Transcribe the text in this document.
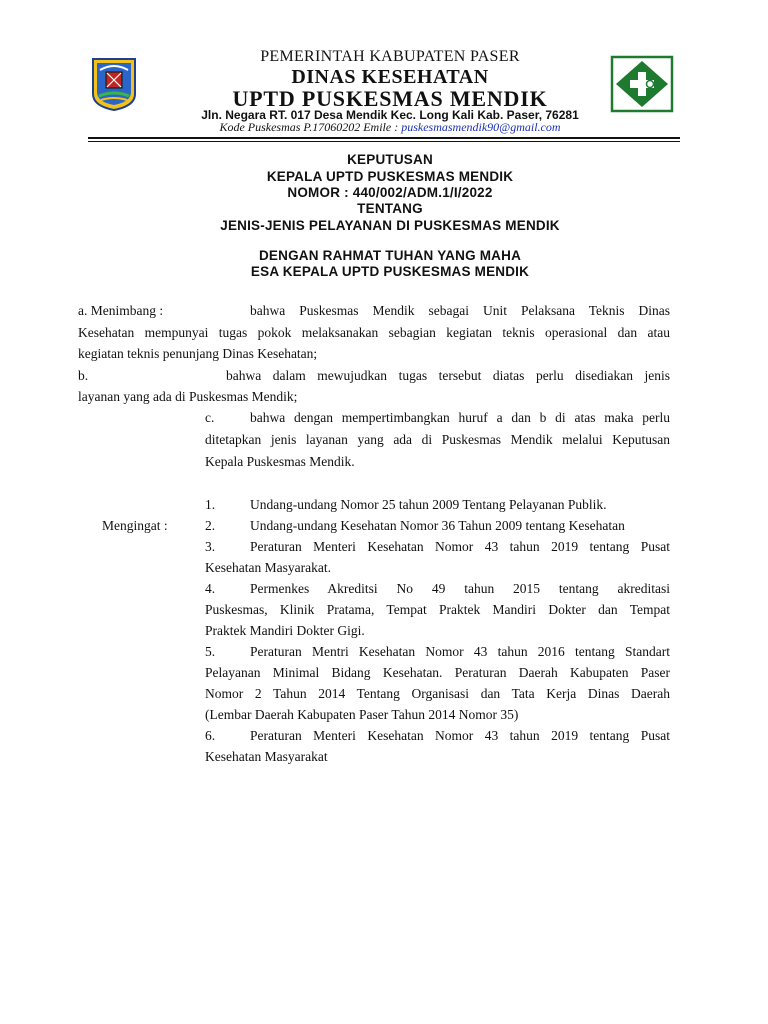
PEMERINTAH KABUPATEN PASER
DINAS KESEHATAN
UPTD PUSKESMAS MENDIK
Jln. Negara RT. 017 Desa Mendik Kec. Long Kali Kab. Paser, 76281
Kode Puskesmas P.17060202 Emile : puskesmasmendik90@gmail.com
KEPUTUSAN
KEPALA UPTD PUSKESMAS MENDIK
NOMOR : 440/002/ADM.1/I/2022
TENTANG
JENIS-JENIS PELAYANAN DI PUSKESMAS MENDIK
DENGAN RAHMAT TUHAN YANG MAHA
ESA KEPALA UPTD PUSKESMAS MENDIK
a. Menimbang :	bahwa Puskesmas Mendik sebagai Unit Pelaksana Teknis Dinas
Kesehatan mempunyai tugas pokok melaksanakan sebagian kegiatan teknis operasional dan atau
kegiatan teknis penunjang Dinas Kesehatan;
b.	bahwa dalam mewujudkan tugas tersebut diatas perlu disediakan jenis
layanan yang ada di Puskesmas Mendik;
c.	bahwa dengan mempertimbangkan huruf a dan b di atas maka perlu
ditetapkan jenis layanan yang ada di Puskesmas Mendik melalui Keputusan
Kepala Puskesmas Mendik.
Mengingat :
1.	Undang-undang Nomor 25 tahun 2009 Tentang Pelayanan Publik.
2.	Undang-undang Kesehatan Nomor 36 Tahun 2009 tentang Kesehatan
3.	Peraturan Menteri Kesehatan Nomor 43 tahun 2019 tentang Pusat
Kesehatan Masyarakat.
4.	Permenkes Akreditsi No 49 tahun 2015 tentang akreditasi
Puskesmas, Klinik Pratama, Tempat Praktek Mandiri Dokter dan Tempat
Praktek Mandiri Dokter Gigi.
5.	Peraturan Mentri Kesehatan Nomor 43 tahun 2016 tentang Standart
Pelayanan Minimal Bidang Kesehatan. Peraturan Daerah Kabupaten Paser
Nomor 2 Tahun 2014 Tentang Organisasi dan Tata Kerja Dinas Daerah
(Lembar Daerah Kabupaten Paser Tahun 2014 Nomor 35)
6.	Peraturan Menteri Kesehatan Nomor 43 tahun 2019 tentang Pusat
Kesehatan Masyarakat
